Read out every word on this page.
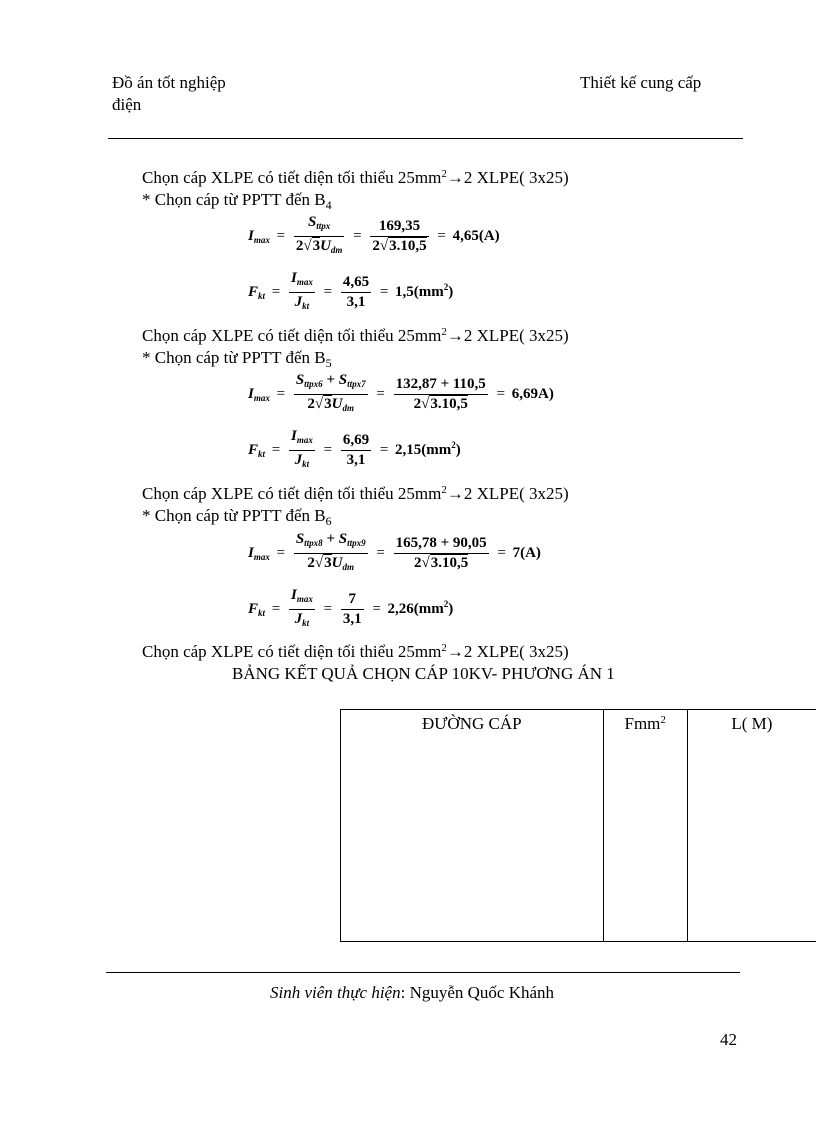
Đồ án tốt nghiệp
điện
Thiết kế cung cấp
Chọn cáp XLPE có tiết diện tối thiểu $25mm^2\to 2$ XLPE( 3x25)
* Chọn cáp từ PPTT đến $B_4$
$I_{max} = \frac{S_{ttpx}}{2√3U_{dm}} = \frac{169,35}{2√3.10,5} = 4,65(A)$
$F_{kt} = \frac{I_{max}}{J_{kt}} = \frac{4,65}{3,1} = 1,5(mm^2)$
Chọn cáp XLPE có tiết diện tối thiểu $25mm^2\to 2$ XLPE( 3x25)
* Chọn cáp từ PPTT đến $B_5$
$I_{max} = \frac{S_{ttpx6} + S_{ttpx7}}{2√3U_{dm}} = \frac{132,87 + 110,5}{2√3.10,5} = 6,69A$)
$F_{kt} = \frac{I_{max}}{J_{kt}} = \frac{6,69}{3,1} = 2,15(mm^2)$
Chọn cáp XLPE có tiết diện tối thiểu $25mm^2\to 2$ XLPE( 3x25)
* Chọn cáp từ PPTT đến $B_6$
$I_{max} = \frac{S_{ttpx8} + S_{ttpx9}}{2√3U_{dm}} = \frac{165,78 + 90,05}{2√3.10,5} = 7(A)$
$F_{kt} = \frac{I_{max}}{J_{kt}} = \frac{7}{3,1} = 2,26(mm^2)$
Chọn cáp XLPE có tiết diện tối thiểu $25mm^2\to 2$ XLPE( 3x25)
BẢNG KẾT QUẢ CHỌN CÁP 10KV- PHƯƠNG ÁN 1
ĐƯỜNG CÁP	Fmm$^2$	L( M)
Sinh viên thực hiện: Nguyễn Quốc Khánh
42
